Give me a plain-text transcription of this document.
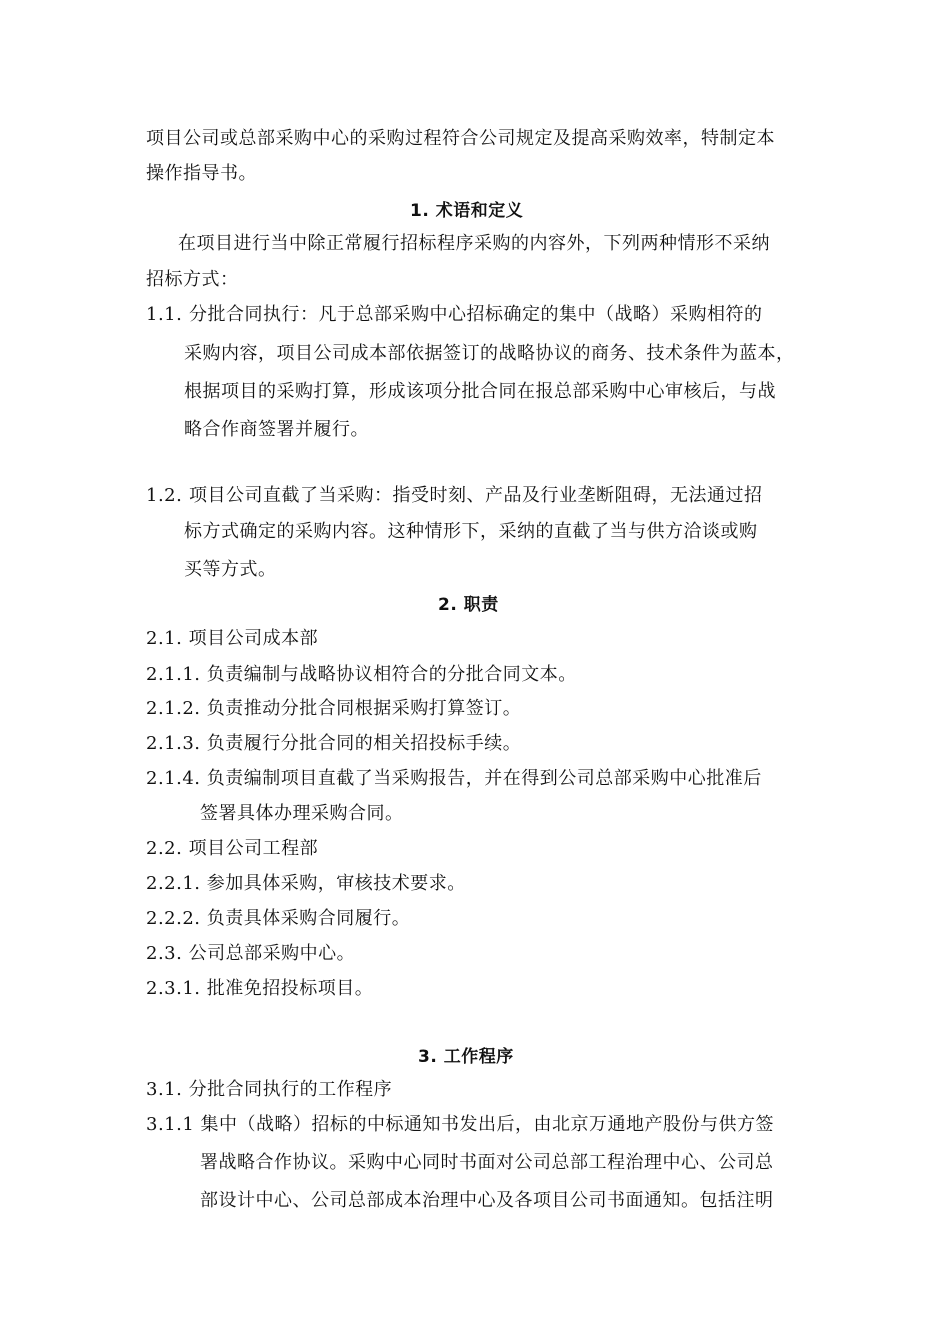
项目公司或总部采购中心的采购过程符合公司规定及提高采购效率，特制定本
操作指导书。
1. 术语和定义
在项目进行当中除正常履行招标程序采购的内容外，下列两种情形不采纳
招标方式：
1.1. 分批合同执行：凡于总部采购中心招标确定的集中（战略）采购相符的
采购内容，项目公司成本部依据签订的战略协议的商务、技术条件为蓝本，
根据项目的采购打算，形成该项分批合同在报总部采购中心审核后，与战
略合作商签署并履行。
1.2. 项目公司直截了当采购：指受时刻、产品及行业垄断阻碍，无法通过招
标方式确定的采购内容。这种情形下，采纳的直截了当与供方洽谈或购
买等方式。
2. 职责
2.1. 项目公司成本部
2.1.1. 负责编制与战略协议相符合的分批合同文本。
2.1.2. 负责推动分批合同根据采购打算签订。
2.1.3. 负责履行分批合同的相关招投标手续。
2.1.4. 负责编制项目直截了当采购报告，并在得到公司总部采购中心批准后
签署具体办理采购合同。
2.2. 项目公司工程部
2.2.1. 参加具体采购，审核技术要求。
2.2.2. 负责具体采购合同履行。
2.3. 公司总部采购中心。
2.3.1. 批准免招投标项目。
3. 工作程序
3.1. 分批合同执行的工作程序
3.1.1 集中（战略）招标的中标通知书发出后，由北京万通地产股份与供方签
署战略合作协议。采购中心同时书面对公司总部工程治理中心、公司总
部设计中心、公司总部成本治理中心及各项目公司书面通知。包括注明
